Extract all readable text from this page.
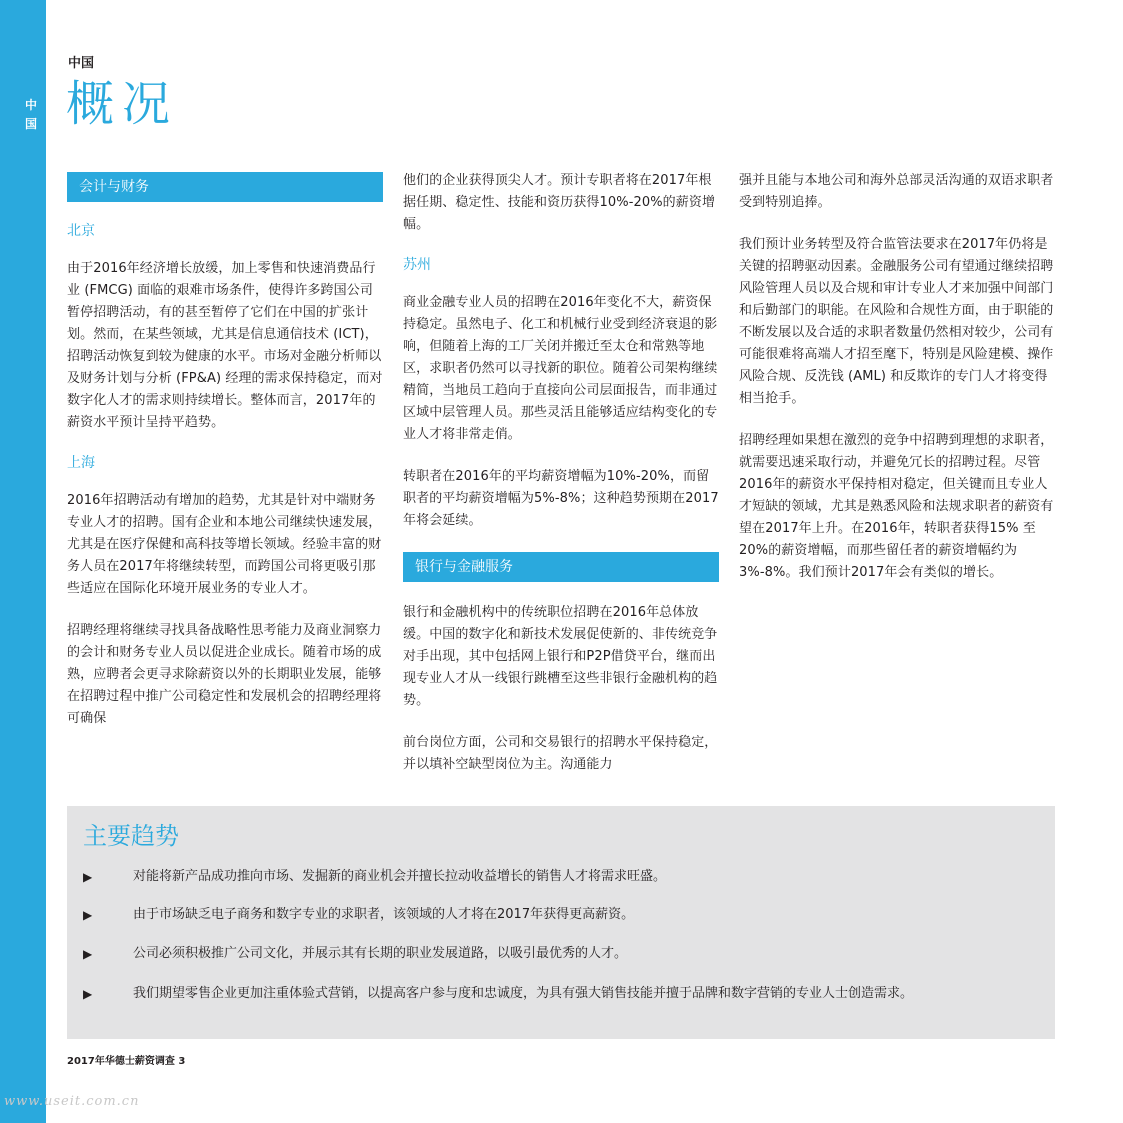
中国
中国
概况
会计与财务
北京

由于2016年经济增长放缓，加上零售和快速消费品行业 (FMCG) 面临的艰难市场条件，使得许多跨国公司暂停招聘活动，有的甚至暂停了它们在中国的扩张计划。然而，在某些领域，尤其是信息通信技术 (ICT)，招聘活动恢复到较为健康的水平。市场对金融分析师以及财务计划与分析 (FP&A) 经理的需求保持稳定，而对数字化人才的需求则持续增长。整体而言，2017年的薪资水平预计呈持平趋势。

上海

2016年招聘活动有增加的趋势，尤其是针对中端财务专业人才的招聘。国有企业和本地公司继续快速发展，尤其是在医疗保健和高科技等增长领域。经验丰富的财务人员在2017年将继续转型，而跨国公司将更吸引那些适应在国际化环境开展业务的专业人才。

招聘经理将继续寻找具备战略性思考能力及商业洞察力的会计和财务专业人员以促进企业成长。随着市场的成熟，应聘者会更寻求除薪资以外的长期职业发展，能够在招聘过程中推广公司稳定性和发展机会的招聘经理将可确保

他们的企业获得顶尖人才。预计专职者将在2017年根据任期、稳定性、技能和资历获得10%-20%的薪资增幅。

苏州

商业金融专业人员的招聘在2016年变化不大，薪资保持稳定。虽然电子、化工和机械行业受到经济衰退的影响，但随着上海的工厂关闭并搬迁至太仓和常熟等地区，求职者仍然可以寻找新的职位。随着公司架构继续精简，当地员工趋向于直接向公司层面报告，而非通过区域中层管理人员。那些灵活且能够适应结构变化的专业人才将非常走俏。

转职者在2016年的平均薪资增幅为10%-20%，而留职者的平均薪资增幅为5%-8%；这种趋势预期在2017年将会延续。

银行与金融服务

银行和金融机构中的传统职位招聘在2016年总体放缓。中国的数字化和新技术发展促使新的、非传统竞争对手出现，其中包括网上银行和P2P借贷平台，继而出现专业人才从一线银行跳槽至这些非银行金融机构的趋势。

前台岗位方面，公司和交易银行的招聘水平保持稳定，并以填补空缺型岗位为主。沟通能力

强并且能与本地公司和海外总部灵活沟通的双语求职者受到特别追捧。

我们预计业务转型及符合监管法要求在2017年仍将是关键的招聘驱动因素。金融服务公司有望通过继续招聘风险管理人员以及合规和审计专业人才来加强中间部门和后勤部门的职能。在风险和合规性方面，由于职能的不断发展以及合适的求职者数量仍然相对较少，公司有可能很难将高端人才招至麾下，特别是风险建模、操作风险合规、反洗钱 (AML) 和反欺诈的专门人才将变得相当抢手。

招聘经理如果想在激烈的竞争中招聘到理想的求职者，就需要迅速采取行动，并避免冗长的招聘过程。尽管2016年的薪资水平保持相对稳定，但关键而且专业人才短缺的领域，尤其是熟悉风险和法规求职者的薪资有望在2017年上升。在2016年，转职者获得15% 至20%的薪资增幅，而那些留任者的薪资增幅约为3%-8%。我们预计2017年会有类似的增长。

主要趋势
▶	对能将新产品成功推向市场、发掘新的商业机会并擅长拉动收益增长的销售人才将需求旺盛。
▶	由于市场缺乏电子商务和数字专业的求职者，该领域的人才将在2017年获得更高薪资。
▶	公司必须积极推广公司文化，并展示其有长期的职业发展道路，以吸引最优秀的人才。
▶	我们期望零售企业更加注重体验式营销，以提高客户参与度和忠诚度，为具有强大销售技能并擅于品牌和数字营销的专业人士创造需求。
2017年华德士薪资调查 3
www.useit.com.cn
